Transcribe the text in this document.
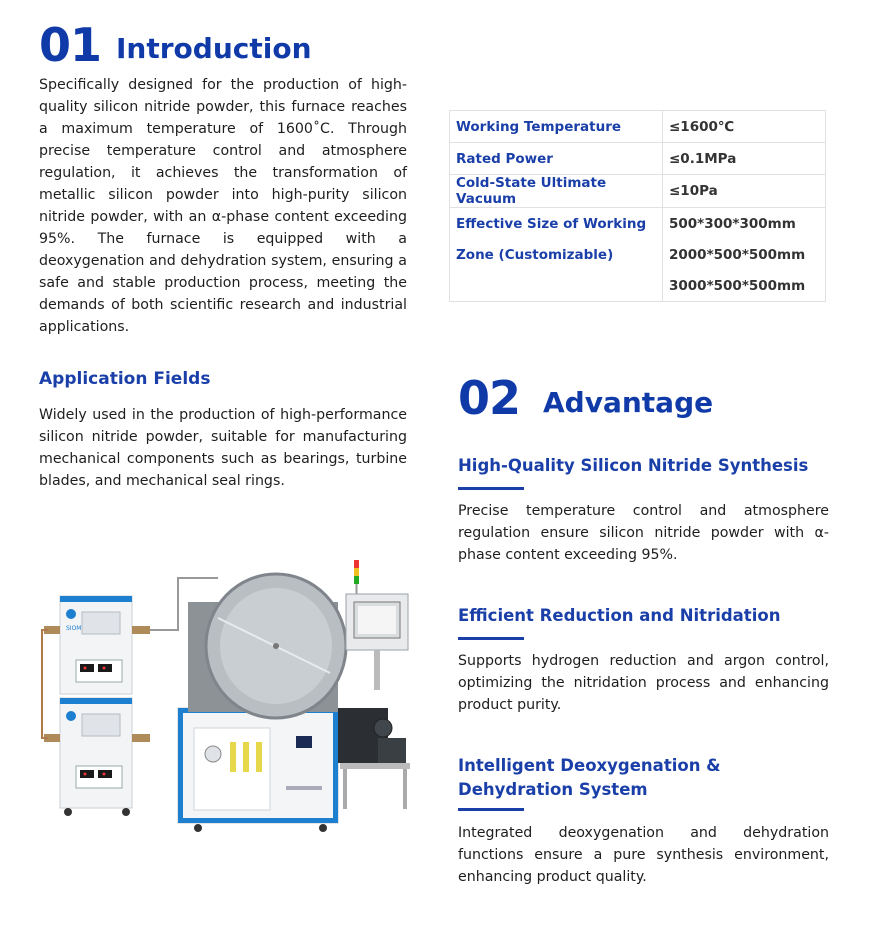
01 Introduction
Specifically designed for the production of high-quality silicon nitride powder, this furnace reaches a maximum temperature of 1600˚C. Through precise temperature control and atmosphere regulation, it achieves the transformation of metallic silicon powder into high-purity silicon nitride powder, with an α-phase content exceeding 95%. The furnace is equipped with a deoxygenation and dehydration system, ensuring a safe and stable production process, meeting the demands of both scientific research and industrial applications.
Working Temperature	≤1600℃
Rated Power	≤0.1MPa
Cold-State Ultimate Vacuum	≤10Pa
Effective Size of Working	500*300*300mm
Zone (Customizable)	2000*500*500mm
	3000*500*500mm
Application Fields
Widely used in the production of high-performance silicon nitride powder, suitable for manufacturing mechanical components such as bearings, turbine blades, and mechanical seal rings.
SIOM
02 Advantage
High-Quality Silicon Nitride Synthesis
Precise temperature control and atmosphere regulation ensure silicon nitride powder with α-phase content exceeding 95%.
Efficient Reduction and Nitridation
Supports hydrogen reduction and argon control, optimizing the nitridation process and enhancing product purity.
Intelligent Deoxygenation &
Dehydration System
Integrated deoxygenation and dehydration functions ensure a pure synthesis environment, enhancing product quality.
